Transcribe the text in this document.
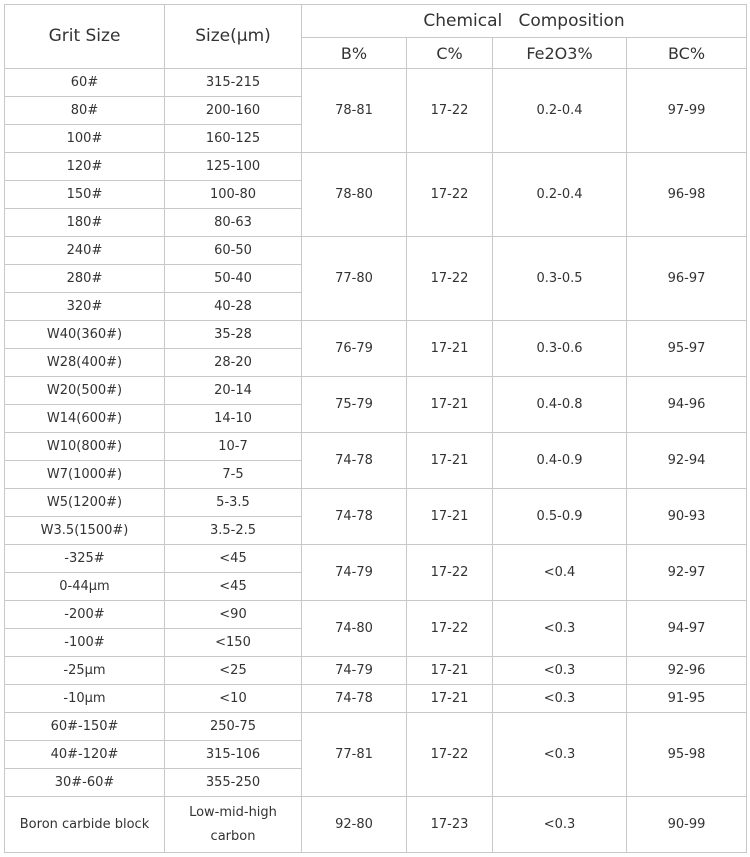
Grit Size	Size(μm)	Chemical   Composition			
		B%	C%	Fe2O3%	BC%
60#	315-215	78-81	17-22	0.2-0.4	97-99
80#	200-160				
100#	160-125				
120#	125-100	78-80	17-22	0.2-0.4	96-98
150#	100-80				
180#	80-63				
240#	60-50	77-80	17-22	0.3-0.5	96-97
280#	50-40				
320#	40-28				
W40(360#)	35-28	76-79	17-21	0.3-0.6	95-97
W28(400#)	28-20				
W20(500#)	20-14	75-79	17-21	0.4-0.8	94-96
W14(600#)	14-10				
W10(800#)	10-7	74-78	17-21	0.4-0.9	92-94
W7(1000#)	7-5				
W5(1200#)	5-3.5	74-78	17-21	0.5-0.9	90-93
W3.5(1500#)	3.5-2.5				
-325#	<45	74-79	17-22	<0.4	92-97
0-44μm	<45				
-200#	<90	74-80	17-22	<0.3	94-97
-100#	<150				
-25μm	<25	74-79	17-21	<0.3	92-96
-10μm	<10	74-78	17-21	<0.3	91-95
60#-150#	250-75	77-81	17-22	<0.3	95-98
40#-120#	315-106				
30#-60#	355-250				
Boron carbide block	Low-mid-high carbon	92-80	17-23	<0.3	90-99
